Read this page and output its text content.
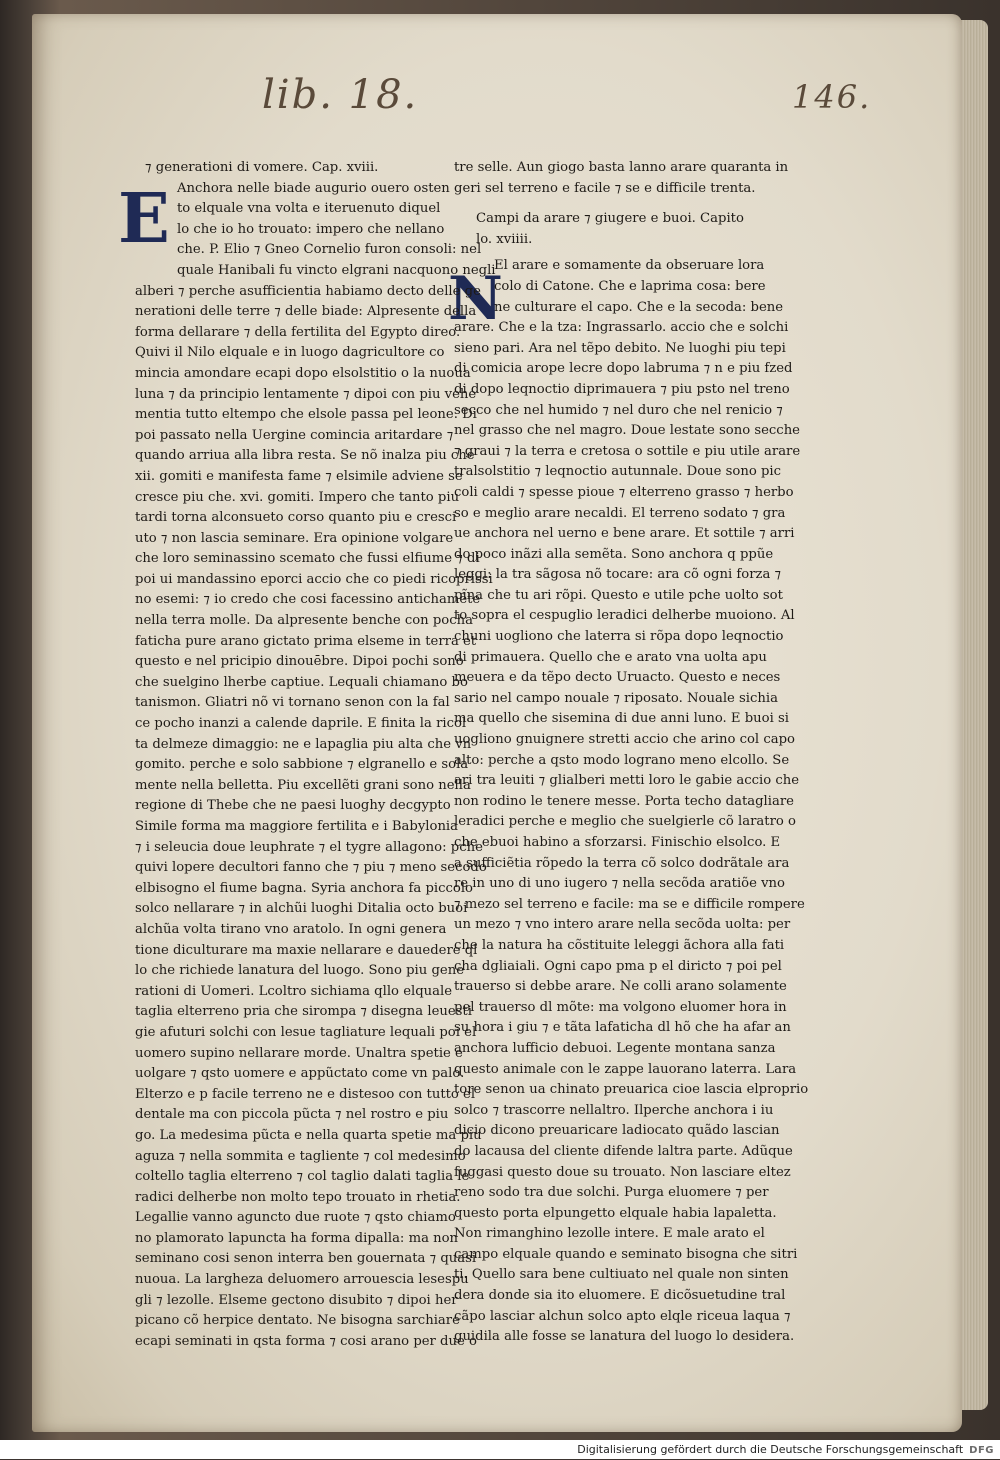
lib. 18.	146.
E
N
⁊ generationi di vomere. Cap. xviii.
Anchora nelle biade augurio ouero osten
to elquale vna volta e iteruenuto diquel
lo che io ho trouato: impero che nellano
che. P. Elio ⁊ Gneo Cornelio furon consoli: nel
quale Hanibali fu vincto elgrani nacquono negli
alberi ⁊ perche asufficientia habiamo decto delle ge
nerationi delle terre ⁊ delle biade: Alpresente della
forma dellarare ⁊ della fertilita del Egypto direo.
Quivi il Nilo elquale e in luogo dagricultore co
mincia amondare ecapi dopo elsolstitio o la nuoua
luna ⁊ da principio lentamente ⁊ dipoi con piu vehe
mentia tutto eltempo che elsole passa pel leone. Di
poi passato nella Uergine comincia aritardare ⁊
quando arriua alla libra resta. Se nõ inalza piu che
xii. gomiti e manifesta fame ⁊ elsimile adviene se
cresce piu che. xvi. gomiti. Impero che tanto piu
tardi torna alconsueto corso quanto piu e cresci
uto ⁊ non lascia seminare. Era opinione volgare
che loro seminassino scemato che fussi elfiume ⁊ di
poi ui mandassino eporci accio che co piedi ricoprissi
no esemi: ⁊ io credo che cosi facessino antichamẽte
nella terra molle. Da alpresente benche con pocha
faticha pure arano gictato prima elseme in terra et
questo e nel pricipio dinouēbre. Dipoi pochi sono
che suelgino lherbe captiue. Lequali chiamano bo
tanismon. Gliatri nõ vi tornano senon con la fal
ce pocho inanzi a calende daprile. E finita la ricol
ta delmeze dimaggio: ne e lapaglia piu alta che vn
gomito. perche e solo sabbione ⁊ elgranello e sola
mente nella belletta. Piu excellẽti grani sono nella
regione di Thebe che ne paesi luoghy decgypto
Simile forma ma maggiore fertilita e i Babylonia
⁊ i seleucia doue leuphrate ⁊ el tygre allagono: pche
quivi lopere decultori fanno che ⁊ piu ⁊ meno secodo
elbisogno el fiume bagna. Syria anchora fa piccolo
solco nellarare ⁊ in alchũi luoghi Ditalia octo buoi
alchũa volta tirano vno aratolo. In ogni genera
tione diculturare ma maxie nellarare e dauedere ql
lo che richiede lanatura del luogo. Sono piu gene
rationi di Uomeri. Lcoltro sichiama qllo elquale
taglia elterreno pria che sirompa ⁊ disegna leuesti
gie afuturi solchi con lesue tagliature lequali poi el
uomero supino nellarare morde. Unaltra spetie e
uolgare ⁊ qsto uomere e appũctato come vn palo.
Elterzo e p facile terreno ne e distesoo con tutto el
dentale ma con piccola pũcta ⁊ nel rostro e piu
go. La medesima pũcta e nella quarta spetie ma piu
aguza ⁊ nella sommita e tagliente ⁊ col medesimo
coltello taglia elterreno ⁊ col taglio dalati taglia le
radici delherbe non molto tepo trouato in rhetia.
Legallie vanno aguncto due ruote ⁊ qsto chiamo
no plamorato lapuncta ha forma dipalla: ma non
seminano cosi senon interra ben gouernata ⁊ quasi
nuoua. La largheza deluomero arrouescia lesespu
gli ⁊ lezolle. Elseme gectono disubito ⁊ dipoi her
picano cõ herpice dentato. Ne bisogna sarchiare
ecapi seminati in qsta forma ⁊ cosi arano per due o
tre selle. Aun giogo basta lanno arare quaranta in
geri sel terreno e facile ⁊ se e difficile trenta.
Campi da arare ⁊ giugere e buoi. Capito
lo. xviiii.
El arare e somamente da obseruare lora
colo di Catone. Che e laprima cosa: bere
ne culturare el capo. Che e la secoda: bene
arare. Che e la tza: Ingrassarlo. accio che e solchi
sieno pari. Ara nel tẽpo debito. Ne luoghi piu tepi
di comicia arope lecre dopo labruma ⁊ n e piu fzed
di dopo leqnoctio diprimauera ⁊ piu psto nel treno
secco che nel humido ⁊ nel duro che nel renicio ⁊
nel grasso che nel magro. Doue lestate sono secche
⁊ graui ⁊ la terra e cretosa o sottile e piu utile arare
tralsolstitio ⁊ leqnoctio autunnale. Doue sono pic
coli caldi ⁊ spesse pioue ⁊ elterreno grasso ⁊ herbo
so e meglio arare necaldi. El terreno sodato ⁊ gra
ue anchora nel uerno e bene arare. Et sottile ⁊ arri
do poco inãzi alla semẽta. Sono anchora q ppũe
leggi: la tra sãgosa nõ tocare: ara cõ ogni forza ⁊
pĩna che tu ari rõpi. Questo e utile pche uolto sot
to sopra el cespuglio leradici delherbe muoiono. Al
chuni uogliono che laterra si rõpa dopo leqnoctio
di primauera. Quello che e arato vna uolta apu
meuera e da tẽpo decto Uruacto. Questo e neces
sario nel campo nouale ⁊ riposato. Nouale sichia
ma quello che sisemina di due anni luno. E buoi si
uogliono gnuignere stretti accio che arino col capo
alto: perche a qsto modo lograno meno elcollo. Se
ari tra leuiti ⁊ glialberi metti loro le gabie accio che
non rodino le tenere messe. Porta techo datagliare
leradici perche e meglio che suelgierle cõ laratro o
che ebuoi habino a sforzarsi. Finischio elsolco. E
a sufficiẽtia rõpedo la terra cõ solco dodrãtale ara
re in uno di uno iugero ⁊ nella secõda aratiõe vno
⁊ mezo sel terreno e facile: ma se e difficile rompere
un mezo ⁊ vno intero arare nella secõda uolta: per
che la natura ha cõstituite leleggi ãchora alla fati
cha dgliaiali. Ogni capo pma p el diricto ⁊ poi pel
trauerso si debbe arare. Ne colli arano solamente
pel trauerso dl mõte: ma volgono eluomer hora in
su hora i giu ⁊ e tãta lafaticha dl hõ che ha afar an
anchora lufficio debuoi. Legente montana sanza
questo animale con le zappe lauorano laterra. Lara
tore senon ua chinato preuarica cioe lascia elproprio
solco ⁊ trascorre nellaltro. Ilperche anchora i iu
dicio dicono preuaricare ladiocato quãdo lascian
do lacausa del cliente difende laltra parte. Adũque
fuggasi questo doue su trouato. Non lasciare eltez
reno sodo tra due solchi. Purga eluomere ⁊ per
questo porta elpungetto elquale habia lapaletta.
Non rimanghino lezolle intere. E male arato el
campo elquale quando e seminato bisogna che sitri
ti. Quello sara bene cultiuato nel quale non sinten
dera donde sia ito eluomere. E dicõsuetudine tral
cãpo lasciar alchun solco apto elqle riceua laqua ⁊
guidila alle fosse se lanatura del luogo lo desidera.
Digitalisierung gefördert durch die Deutsche Forschungsgemeinschaft DFG
